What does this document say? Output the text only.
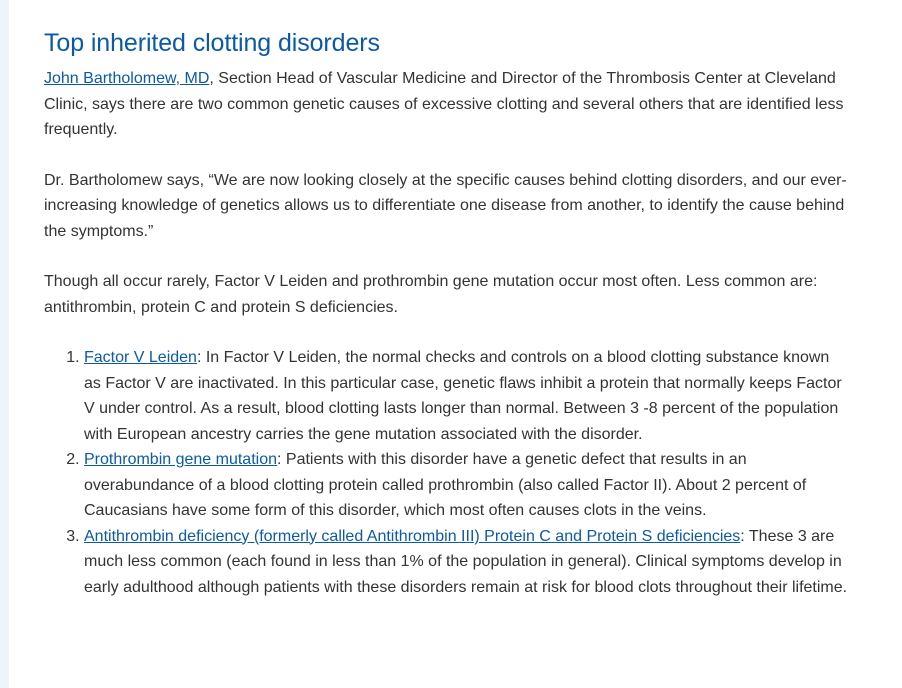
Top inherited clotting disorders

John Bartholomew, MD, Section Head of Vascular Medicine and Director of the Thrombosis Center at Cleveland Clinic, says there are two common genetic causes of excessive clotting and several others that are identified less frequently.

Dr. Bartholomew says, “We are now looking closely at the specific causes behind clotting disorders, and our ever-increasing knowledge of genetics allows us to differentiate one disease from another, to identify the cause behind the symptoms.”

Though all occur rarely, Factor V Leiden and prothrombin gene mutation occur most often. Less common are: antithrombin, protein C and protein S deficiencies.

1. Factor V Leiden: In Factor V Leiden, the normal checks and controls on a blood clotting substance known as Factor V are inactivated. In this particular case, genetic flaws inhibit a protein that normally keeps Factor V under control. As a result, blood clotting lasts longer than normal. Between 3 -8 percent of the population with European ancestry carries the gene mutation associated with the disorder.
2. Prothrombin gene mutation: Patients with this disorder have a genetic defect that results in an overabundance of a blood clotting protein called prothrombin (also called Factor II). About 2 percent of Caucasians have some form of this disorder, which most often causes clots in the veins.
3. Antithrombin deficiency (formerly called Antithrombin III) Protein C and Protein S deficiencies: These 3 are much less common (each found in less than 1% of the population in general). Clinical symptoms develop in early adulthood although patients with these disorders remain at risk for blood clots throughout their lifetime.
